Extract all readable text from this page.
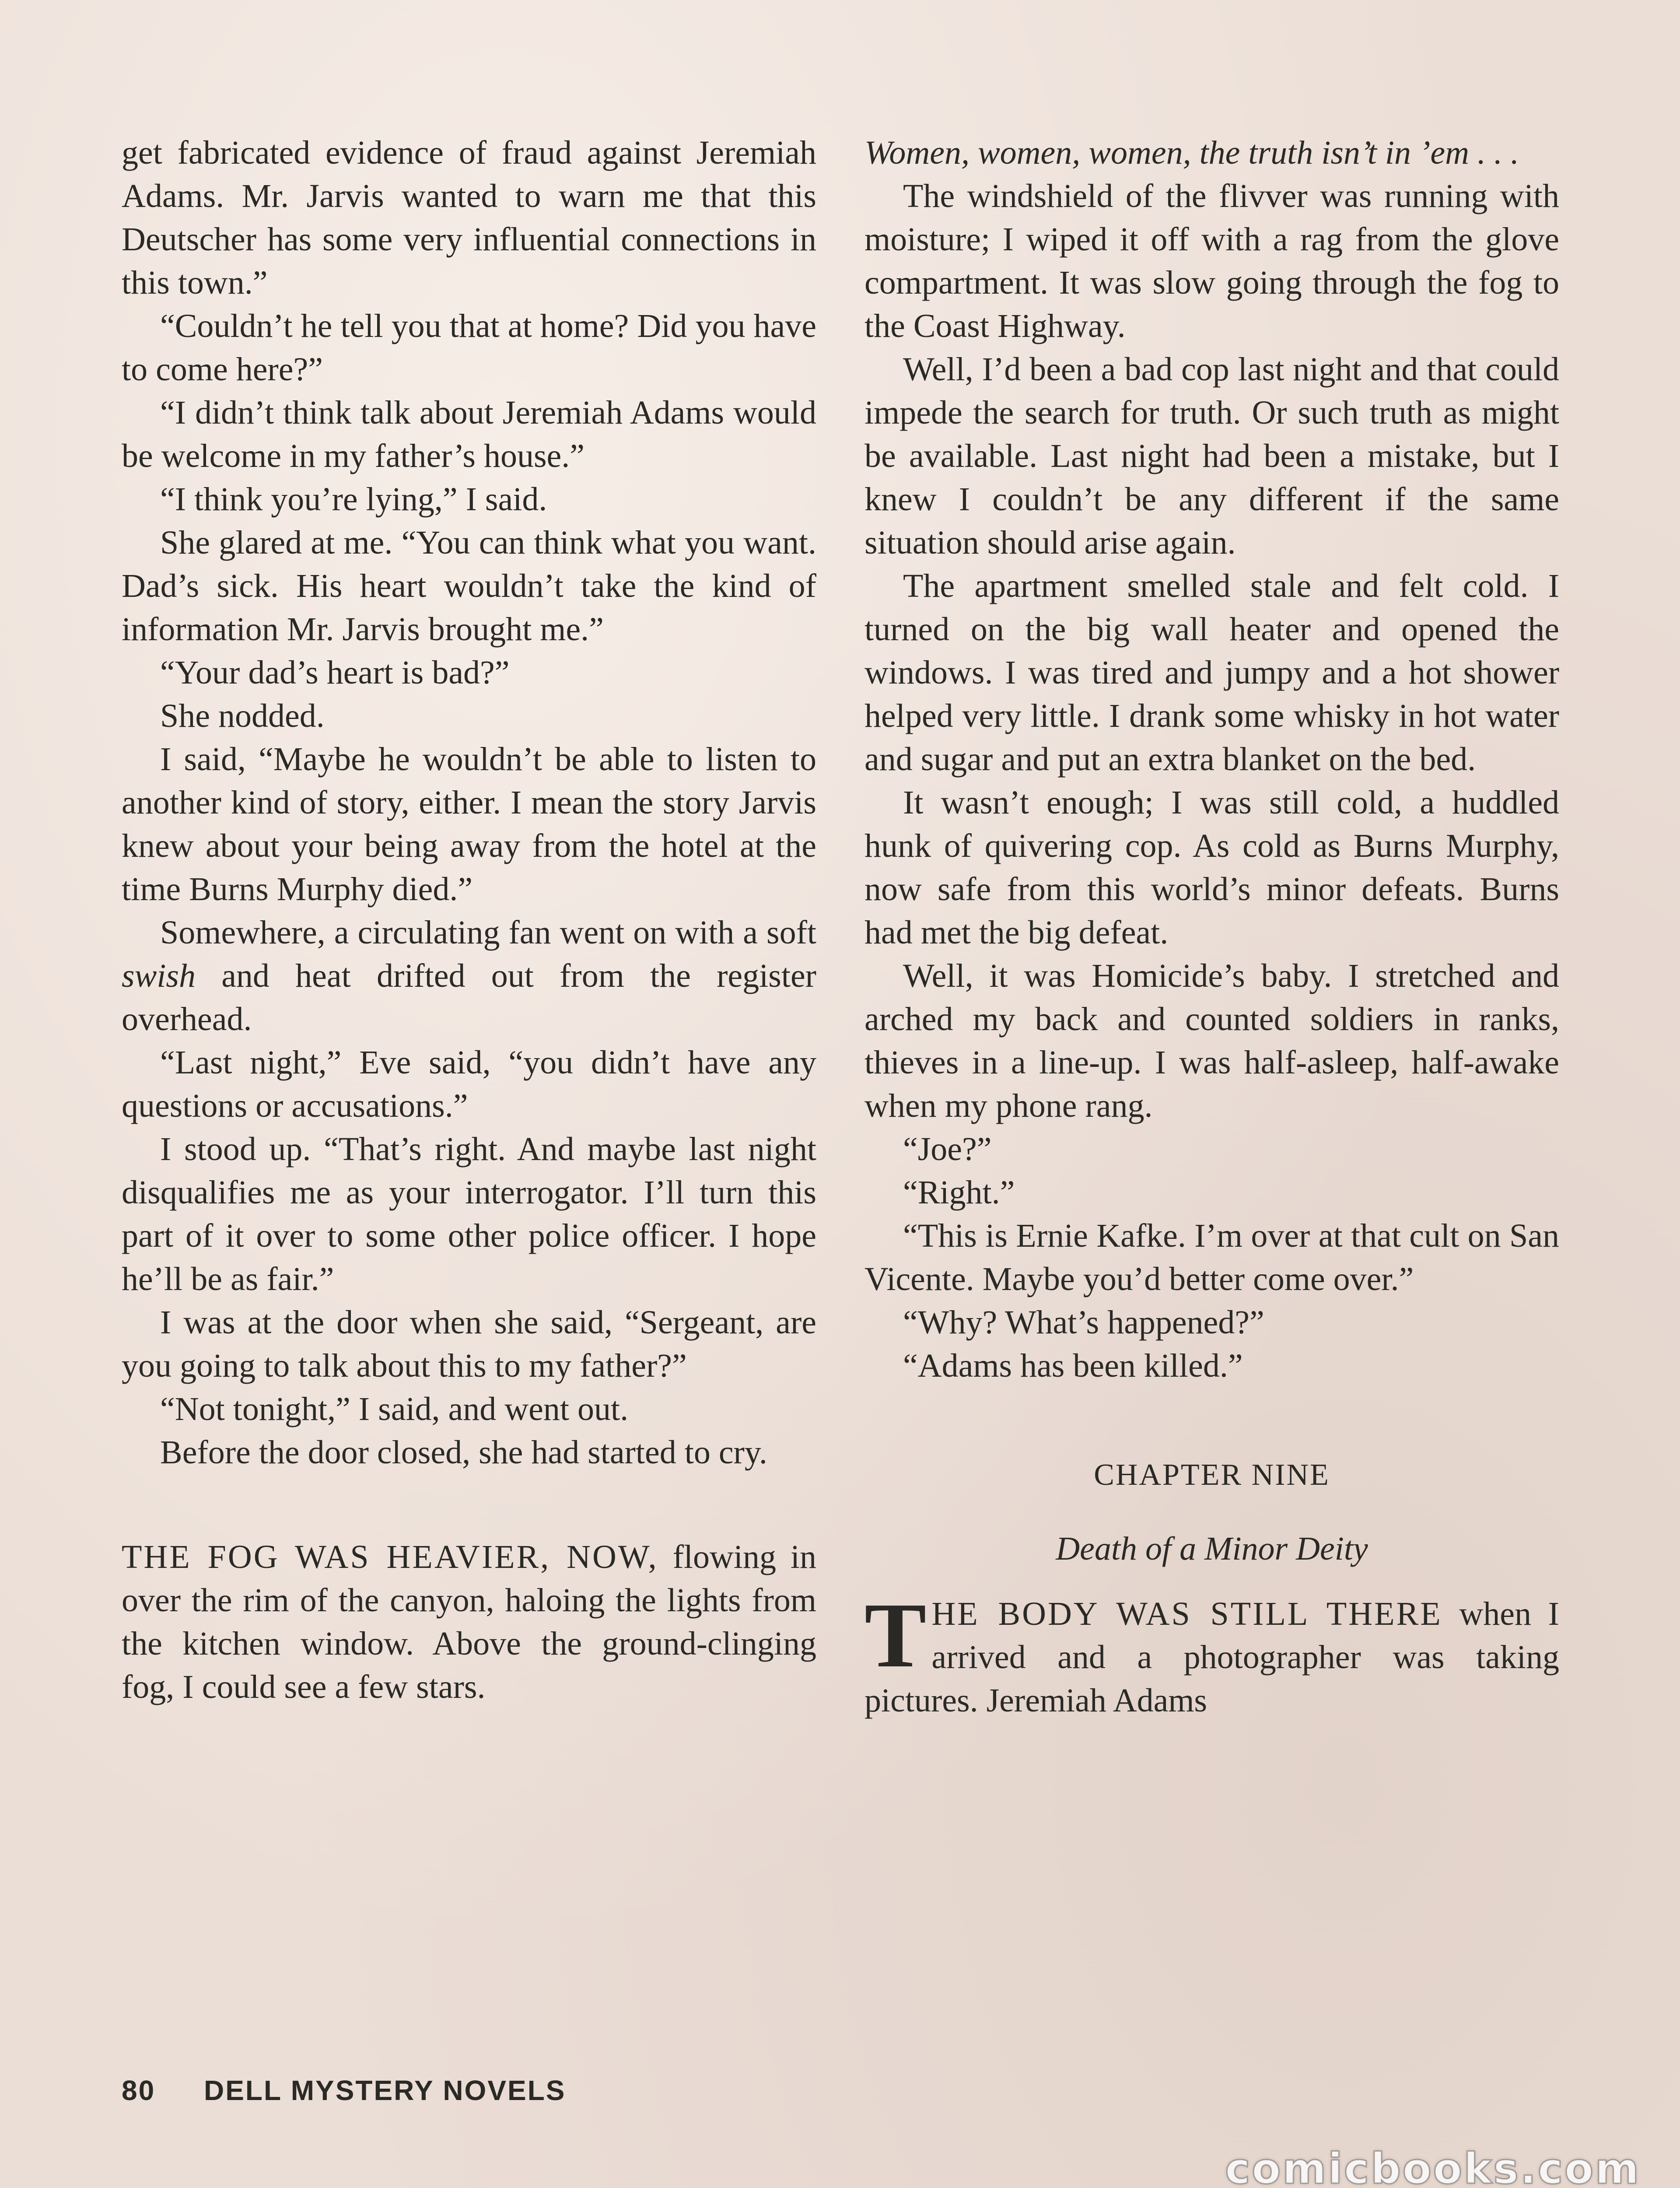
get fabricated evidence of fraud against Jeremiah Adams. Mr. Jarvis wanted to warn me that this Deutscher has some very influential connections in this town.”

“Couldn’t he tell you that at home? Did you have to come here?”

“I didn’t think talk about Jeremiah Adams would be welcome in my father’s house.”

“I think you’re lying,” I said.

She glared at me. “You can think what you want. Dad’s sick. His heart wouldn’t take the kind of information Mr. Jarvis brought me.”

“Your dad’s heart is bad?”

She nodded.

I said, “Maybe he wouldn’t be able to listen to another kind of story, either. I mean the story Jarvis knew about your being away from the hotel at the time Burns Murphy died.”

Somewhere, a circulating fan went on with a soft swish and heat drifted out from the register overhead.

“Last night,” Eve said, “you didn’t have any questions or accusations.”

I stood up. “That’s right. And maybe last night disqualifies me as your interrogator. I’ll turn this part of it over to some other police officer. I hope he’ll be as fair.”

I was at the door when she said, “Sergeant, are you going to talk about this to my father?”

“Not tonight,” I said, and went out.

Before the door closed, she had started to cry.

THE FOG WAS HEAVIER, NOW, flowing in over the rim of the canyon, haloing the lights from the kitchen window. Above the ground-clinging fog, I could see a few stars.

Women, women, women, the truth isn’t in ’em . . .

The windshield of the flivver was running with moisture; I wiped it off with a rag from the glove compartment. It was slow going through the fog to the Coast Highway.

Well, I’d been a bad cop last night and that could impede the search for truth. Or such truth as might be available. Last night had been a mistake, but I knew I couldn’t be any different if the same situation should arise again.

The apartment smelled stale and felt cold. I turned on the big wall heater and opened the windows. I was tired and jumpy and a hot shower helped very little. I drank some whisky in hot water and sugar and put an extra blanket on the bed.

It wasn’t enough; I was still cold, a huddled hunk of quivering cop. As cold as Burns Murphy, now safe from this world’s minor defeats. Burns had met the big defeat.

Well, it was Homicide’s baby. I stretched and arched my back and counted soldiers in ranks, thieves in a line-up. I was half-asleep, half-awake when my phone rang.

“Joe?”

“Right.”

“This is Ernie Kafke. I’m over at that cult on San Vicente. Maybe you’d better come over.”

“Why? What’s happened?”

“Adams has been killed.”

CHAPTER NINE

Death of a Minor Deity

THE BODY WAS STILL THERE when I arrived and a photographer was taking pictures. Jeremiah Adams

80 DELL MYSTERY NOVELS
comicbooks.com
